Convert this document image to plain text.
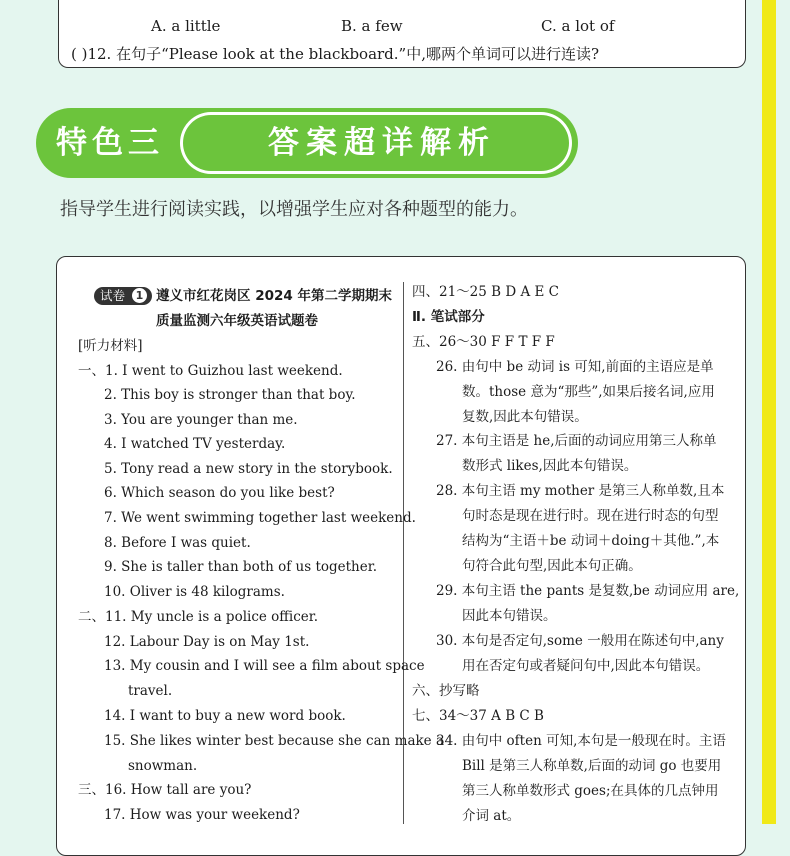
A. a little	B. a few	C. a lot of
( )12. 在句子“Please look at the blackboard.”中,哪两个单词可以进行连读?
特色三	答案超详解析
指导学生进行阅读实践，以增强学生应对各种题型的能力。
试卷 1 遵义市红花岗区 2024 年第二学期期末
质量监测六年级英语试题卷
[听力材料]
一、1. I went to Guizhou last weekend.
2. This boy is stronger than that boy.
3. You are younger than me.
4. I watched TV yesterday.
5. Tony read a new story in the storybook.
6. Which season do you like best?
7. We went swimming together last weekend.
8. Before I was quiet.
9. She is taller than both of us together.
10. Oliver is 48 kilograms.
二、11. My uncle is a police officer.
12. Labour Day is on May 1st.
13. My cousin and I will see a film about space
travel.
14. I want to buy a new word book.
15. She likes winter best because she can make a
snowman.
三、16. How tall are you?
17. How was your weekend?
四、21～25 B D A E C
Ⅱ. 笔试部分
五、26～30 F F T F F
26. 由句中 be 动词 is 可知,前面的主语应是单
数。those 意为“那些”,如果后接名词,应用
复数,因此本句错误。
27. 本句主语是 he,后面的动词应用第三人称单
数形式 likes,因此本句错误。
28. 本句主语 my mother 是第三人称单数,且本
句时态是现在进行时。现在进行时态的句型
结构为“主语＋be 动词＋doing＋其他.”,本
句符合此句型,因此本句正确。
29. 本句主语 the pants 是复数,be 动词应用 are,
因此本句错误。
30. 本句是否定句,some 一般用在陈述句中,any
用在否定句或者疑问句中,因此本句错误。
六、抄写略
七、34～37 A B C B
34. 由句中 often 可知,本句是一般现在时。主语
Bill 是第三人称单数,后面的动词 go 也要用
第三人称单数形式 goes;在具体的几点钟用
介词 at。
